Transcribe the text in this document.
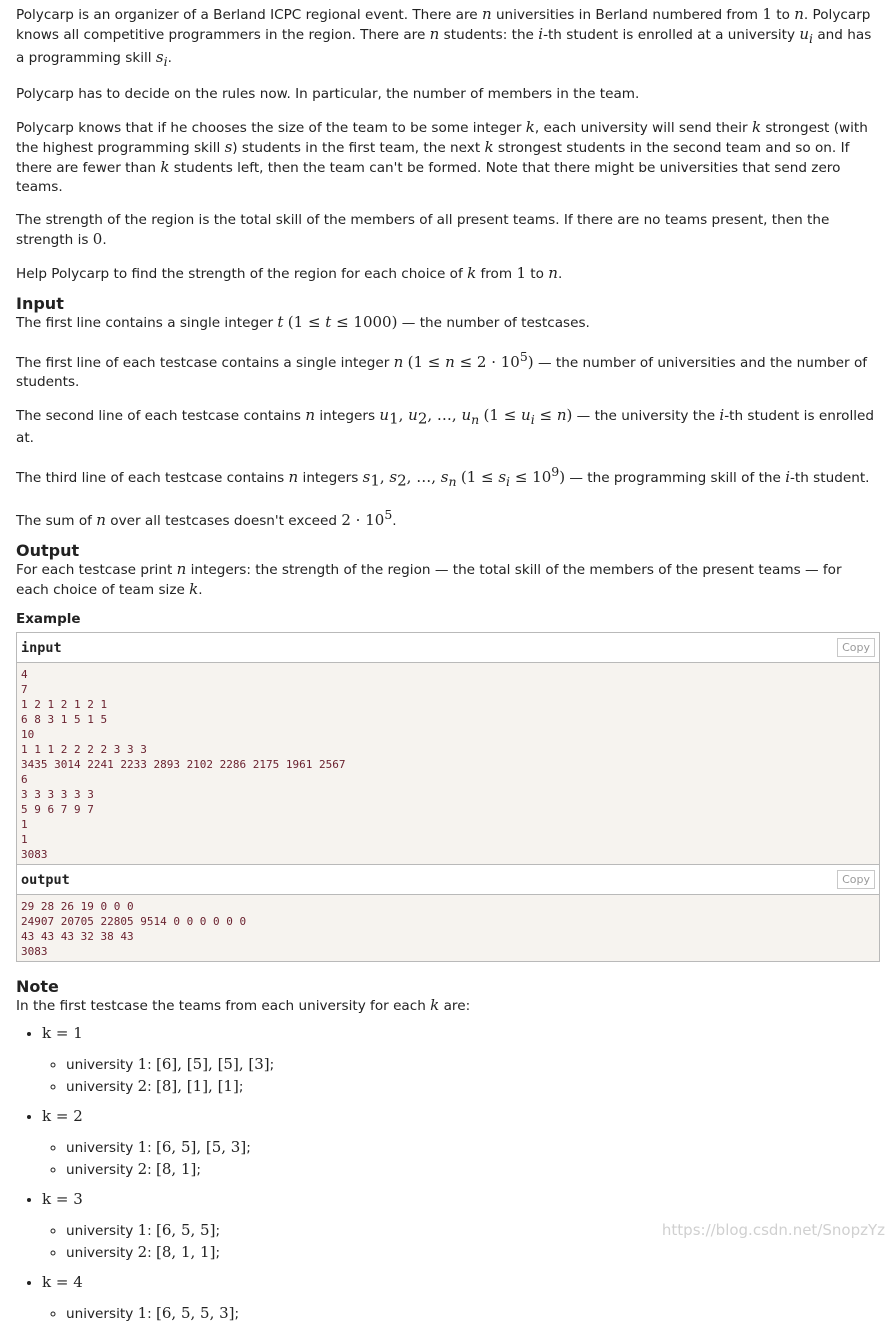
Polycarp is an organizer of a Berland ICPC regional event. There are n universities in Berland numbered from 1 to n. Polycarp knows all competitive programmers in the region. There are n students: the i-th student is enrolled at a university $u_i$ and has a programming skill $s_i$.

Polycarp has to decide on the rules now. In particular, the number of members in the team.

Polycarp knows that if he chooses the size of the team to be some integer k, each university will send their k strongest (with the highest programming skill s) students in the first team, the next k strongest students in the second team and so on. If there are fewer than k students left, then the team can't be formed. Note that there might be universities that send zero teams.

The strength of the region is the total skill of the members of all present teams. If there are no teams present, then the strength is 0.

Help Polycarp to find the strength of the region for each choice of k from 1 to n.

Input

The first line contains a single integer t (1 ≤ t ≤ 1000) — the number of testcases.

The first line of each testcase contains a single integer n $(1 \le n \le 2 \cdot 10^5)$ — the number of universities and the number of students.

The second line of each testcase contains n integers $u_1$, $u_2$, …, $u_n$ $(1 \le u_i \le n)$ — the university the i-th student is enrolled at.

The third line of each testcase contains n integers $s_1$, $s_2$, …, $s_n$ $(1 \le s_i \le 10^9)$ — the programming skill of the i-th student.

The sum of n over all testcases doesn't exceed $2 \cdot 10^5$.

Output

For each testcase print n integers: the strength of the region — the total skill of the members of the present teams — for each choice of team size k.

Example
input	Copy
4
7
1 2 1 2 1 2 1
6 8 3 1 5 1 5
10
1 1 1 2 2 2 2 3 3 3
3435 3014 2241 2233 2893 2102 2286 2175 1961 2567
6
3 3 3 3 3 3
5 9 6 7 9 7
1
1
3083
output	Copy
29 28 26 19 0 0 0
24907 20705 22805 9514 0 0 0 0 0 0
43 43 43 32 38 43
3083
Note

In the first testcase the teams from each university for each k are:

• k = 1
◦ university 1: [6], [5], [5], [3];
◦ university 2: [8], [1], [1];
• k = 2
◦ university 1: [6, 5], [5, 3];
◦ university 2: [8, 1];
• k = 3
◦ university 1: [6, 5, 5];
◦ university 2: [8, 1, 1];
• k = 4
◦ university 1: [6, 5, 5, 3];
https://blog.csdn.net/SnopzYz
